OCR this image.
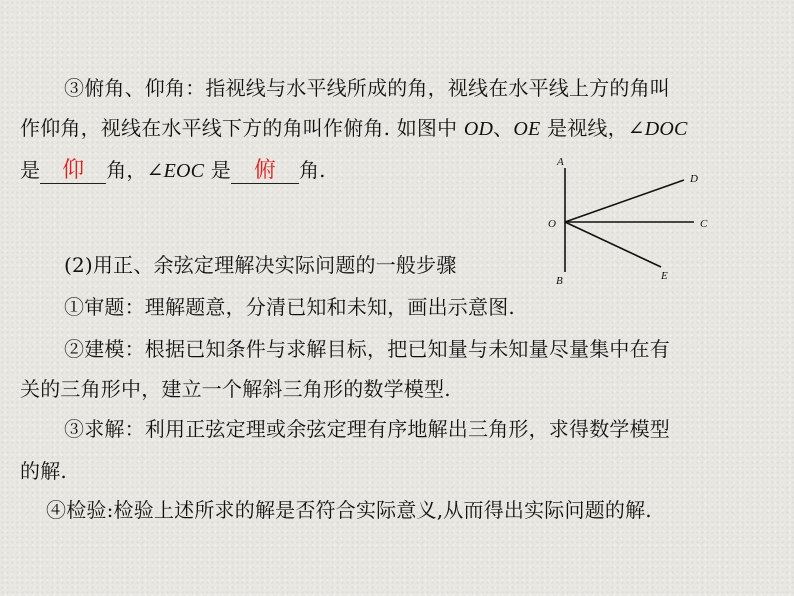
③俯角、仰角：指视线与水平线所成的角，视线在水平线上方的角叫
作仰角，视线在水平线下方的角叫作俯角. 如图中 OD、OE 是视线，∠DOC
是 仰 角，∠EOC 是 俯 角.	A
B
O	C
D
E
(2)用正、余弦定理解决实际问题的一般步骤
①审题：理解题意，分清已知和未知，画出示意图.
②建模：根据已知条件与求解目标，把已知量与未知量尽量集中在有
关的三角形中，建立一个解斜三角形的数学模型.
③求解：利用正弦定理或余弦定理有序地解出三角形，求得数学模型
的解.
④检验:检验上述所求的解是否符合实际意义,从而得出实际问题的解.
